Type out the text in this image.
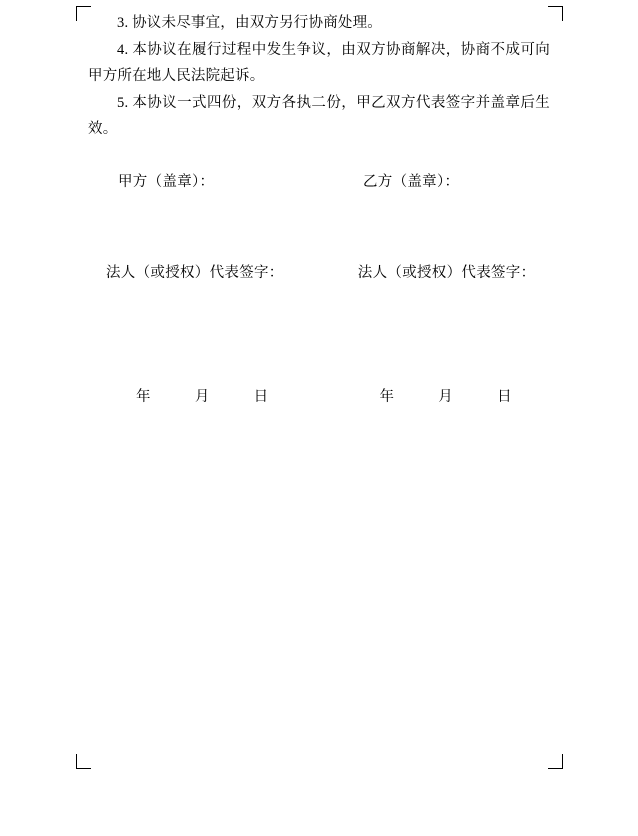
3. 协议未尽事宜，由双方另行协商处理。

4. 本协议在履行过程中发生争议，由双方协商解决，协商不成可向甲方所在地人民法院起诉。

5. 本协议一式四份，双方各执二份，甲乙双方代表签字并盖章后生效。

甲方（盖章）：	乙方（盖章）：
法人（或授权）代表签字：	法人（或授权）代表签字：
年	月	日	年	月	日
